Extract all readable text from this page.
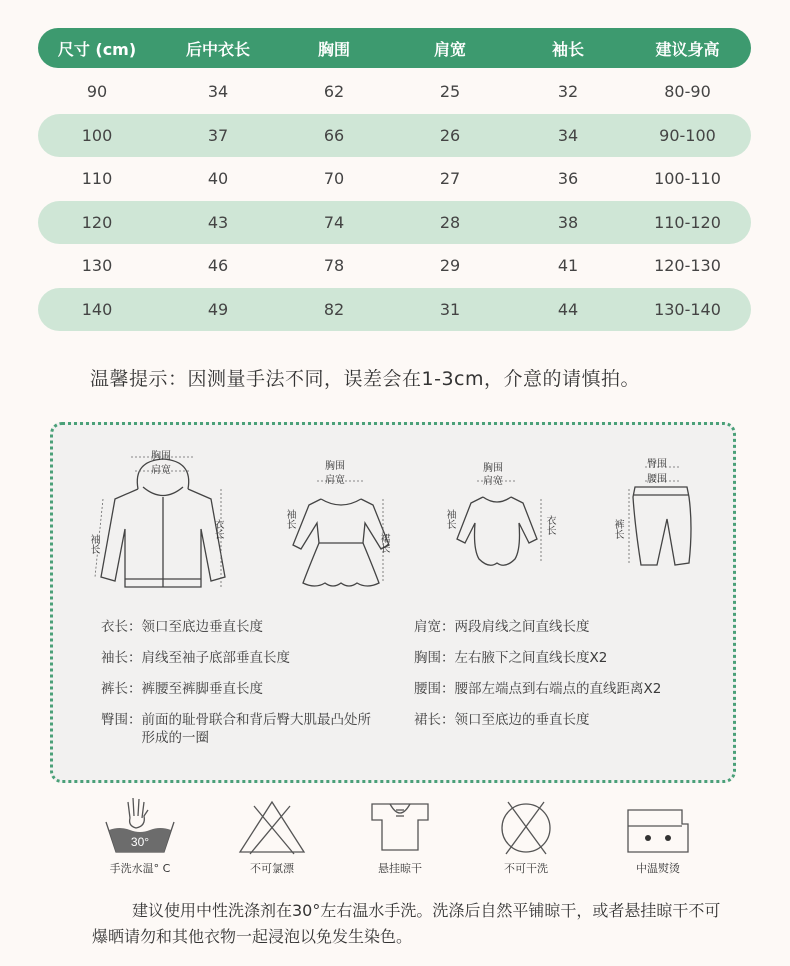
尺寸 (cm)	后中衣长	胸围	肩宽	袖长	建议身高
90	34	62	25	32	80-90
100	37	66	26	34	90-100
110	40	70	27	36	100-110
120	43	74	28	38	110-120
130	46	78	29	41	120-130
140	49	82	31	44	130-140
温馨提示：因测量手法不同，误差会在1-3cm，介意的请慎拍。
胸围
肩宽
袖长
衣长
胸围
肩宽
袖长
裙长
胸围
肩宽
袖长	衣长
臀围
腰围
裤长
衣长： 领口至底边垂直长度
袖长： 肩线至袖子底部垂直长度
裤长： 裤腰至裤脚垂直长度
臀围： 前面的耻骨联合和背后臀大肌最凸处所形成的一圈
肩宽： 两段肩线之间直线长度
胸围： 左右腋下之间直线长度X2
腰围： 腰部左端点到右端点的直线距离X2
裙长： 领口至底边的垂直长度
30°
手洗水温° C	不可氯漂	悬挂晾干	不可干洗	中温熨烫
建议使用中性洗涤剂在30°左右温水手洗。洗涤后自然平铺晾干，或者悬挂晾干不可爆晒请勿和其他衣物一起浸泡以免发生染色。
